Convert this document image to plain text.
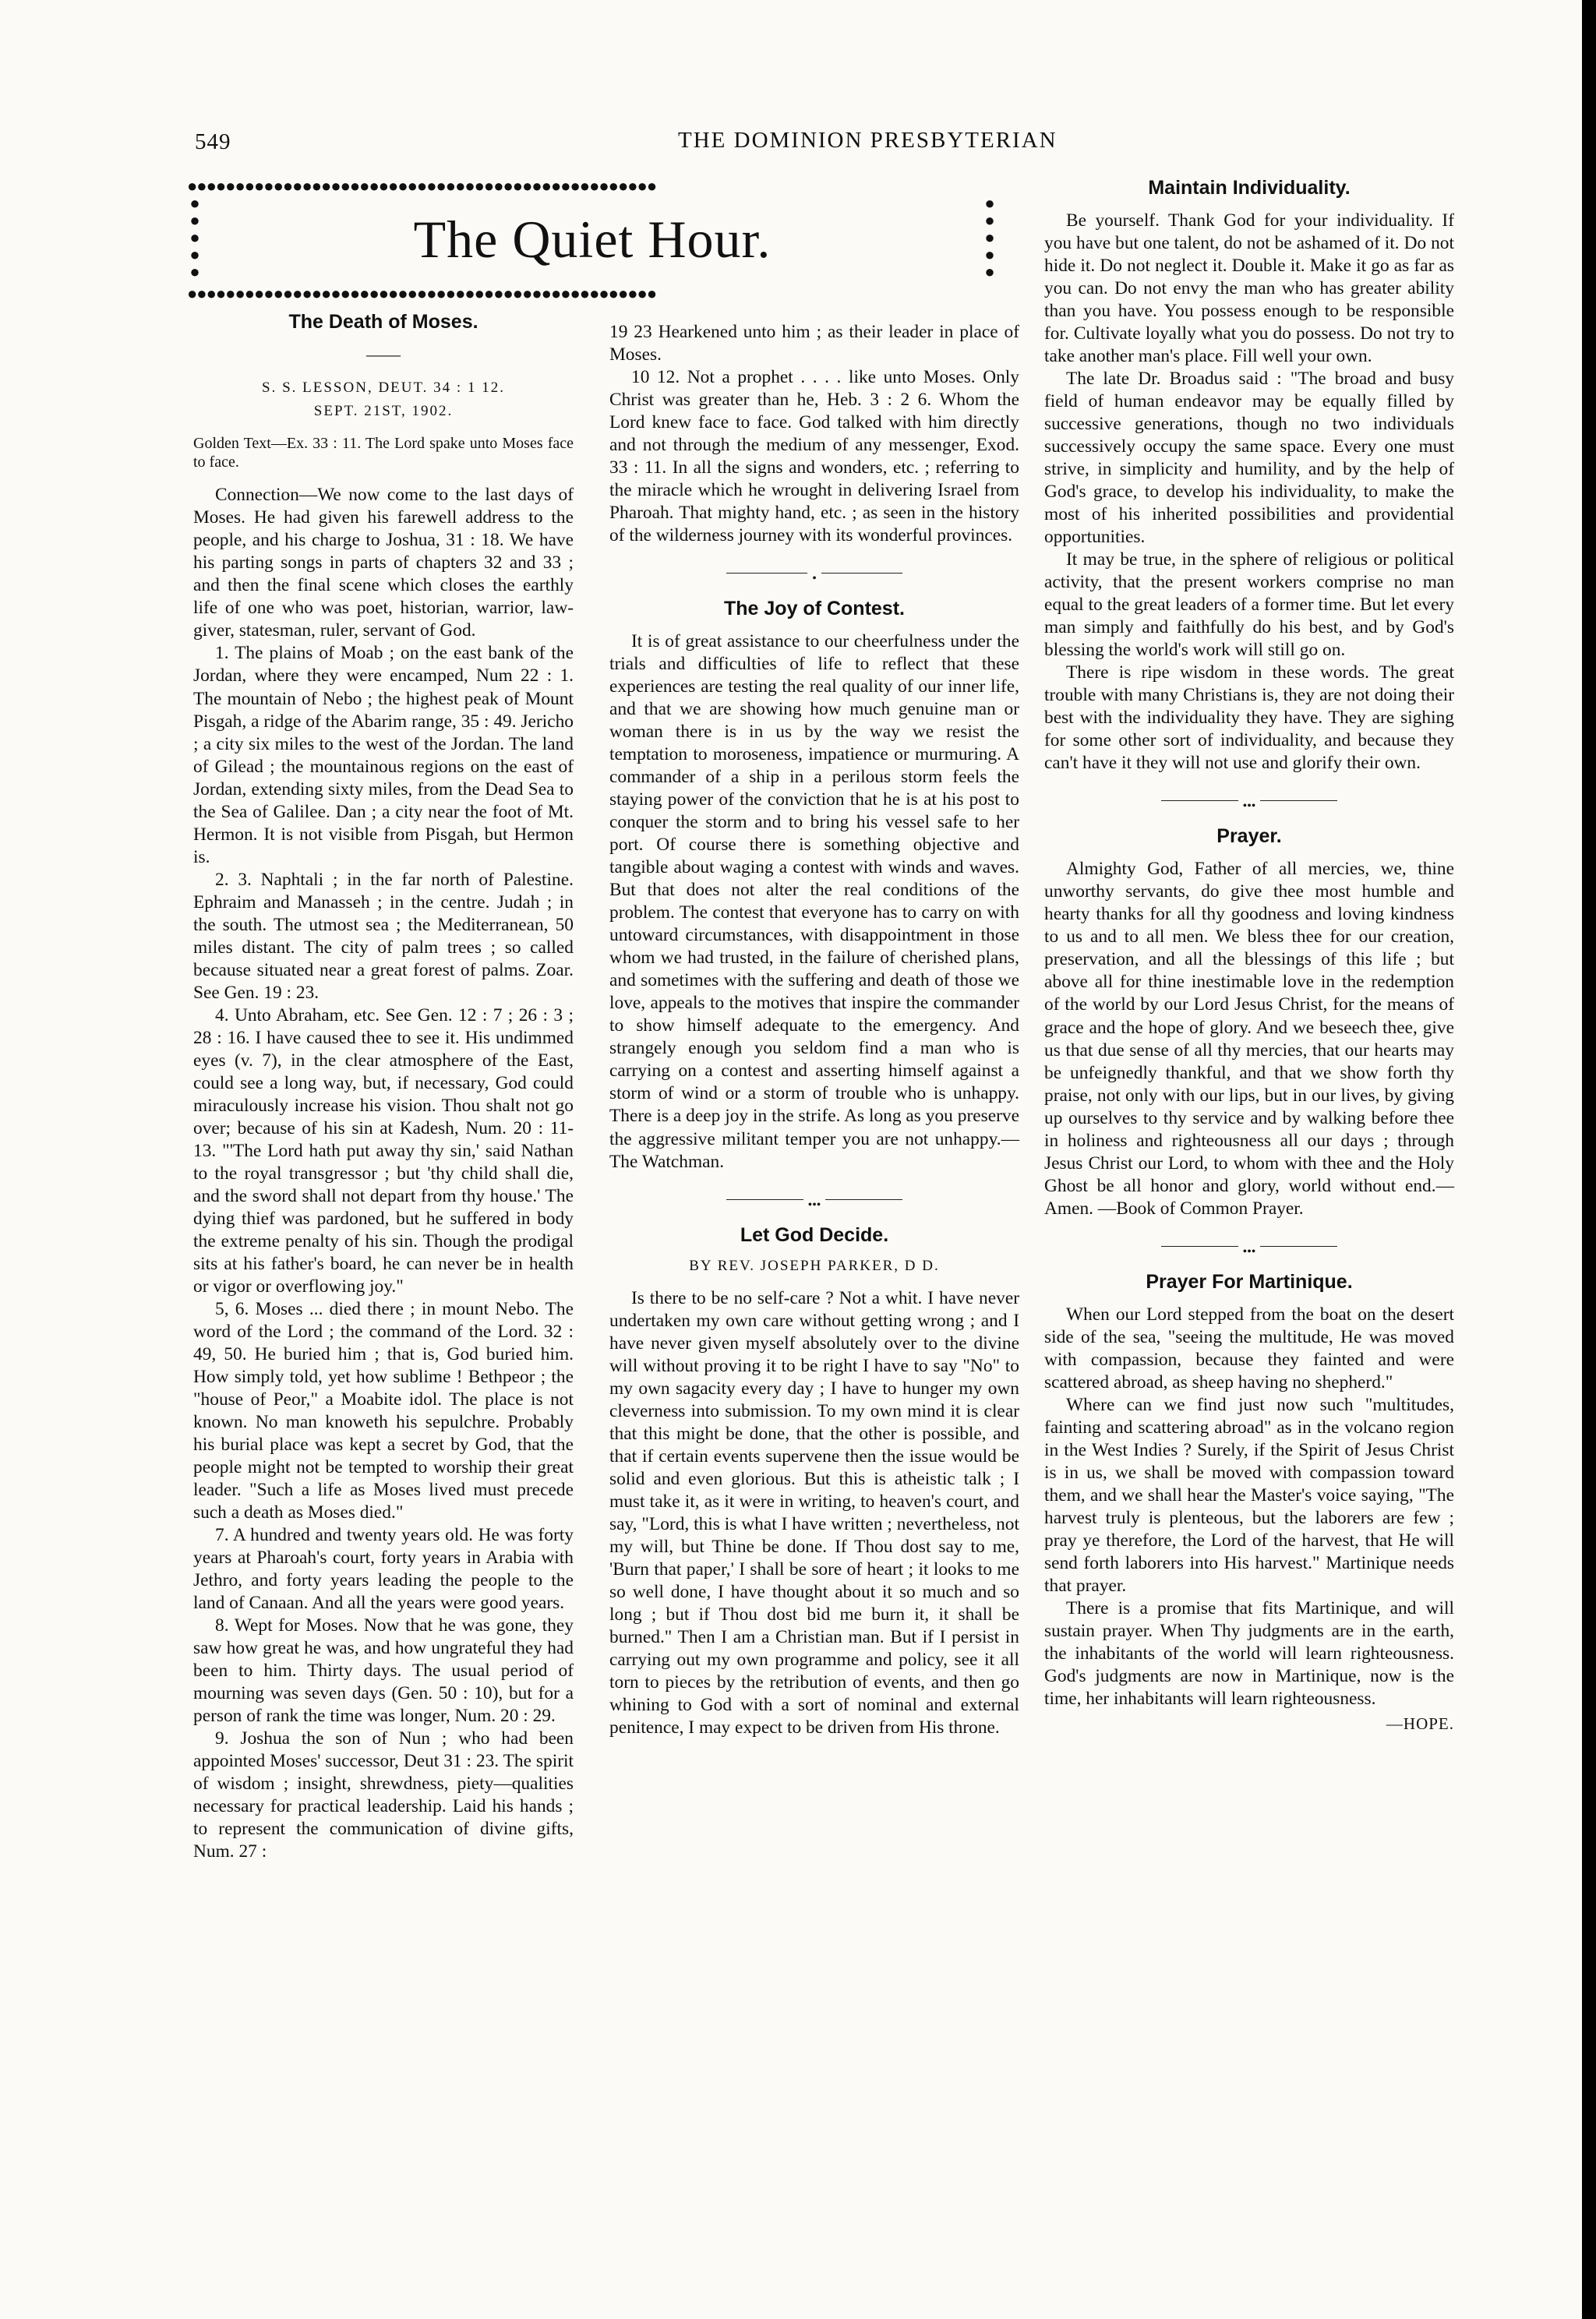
549	THE DOMINION PRESBYTERIAN
●●●●●●●●●●●●●●●●●●●●●●●●●●●●●●●●●●●●●●●●●●●●●●●●●
●
●
●
●
●
●
●
●
●
●
The Quiet Hour.
●●●●●●●●●●●●●●●●●●●●●●●●●●●●●●●●●●●●●●●●●●●●●●●●●
The Death of Moses.
——
S. S. LESSON, DEUT. 34 : 1 12.
SEPT. 21ST, 1902.
Golden Text—Ex. 33 : 11. The Lord spake unto Moses face to face.

Connection—We now come to the last days of Moses. He had given his farewell address to the people, and his charge to Joshua, 31 : 18. We have his parting songs in parts of chapters 32 and 33 ; and then the final scene which closes the earthly life of one who was poet, historian, warrior, law-giver, statesman, ruler, servant of God.

1. The plains of Moab ; on the east bank of the Jordan, where they were encamped, Num 22 : 1. The mountain of Nebo ; the highest peak of Mount Pisgah, a ridge of the Abarim range, 35 : 49. Jericho ; a city six miles to the west of the Jordan. The land of Gilead ; the mountainous regions on the east of Jordan, extending sixty miles, from the Dead Sea to the Sea of Galilee. Dan ; a city near the foot of Mt. Hermon. It is not visible from Pisgah, but Hermon is.

2. 3. Naphtali ; in the far north of Palestine. Ephraim and Manasseh ; in the centre. Judah ; in the south. The utmost sea ; the Mediterranean, 50 miles distant. The city of palm trees ; so called because situated near a great forest of palms. Zoar. See Gen. 19 : 23.

4. Unto Abraham, etc. See Gen. 12 : 7 ; 26 : 3 ; 28 : 16. I have caused thee to see it. His undimmed eyes (v. 7), in the clear atmosphere of the East, could see a long way, but, if necessary, God could miraculously increase his vision. Thou shalt not go over; because of his sin at Kadesh, Num. 20 : 11-13. "'The Lord hath put away thy sin,' said Nathan to the royal transgressor ; but 'thy child shall die, and the sword shall not depart from thy house.' The dying thief was pardoned, but he suffered in body the extreme penalty of his sin. Though the prodigal sits at his father's board, he can never be in health or vigor or overflowing joy."

5, 6. Moses ... died there ; in mount Nebo. The word of the Lord ; the command of the Lord. 32 : 49, 50. He buried him ; that is, God buried him. How simply told, yet how sublime ! Bethpeor ; the "house of Peor," a Moabite idol. The place is not known. No man knoweth his sepulchre. Probably his burial place was kept a secret by God, that the people might not be tempted to worship their great leader. "Such a life as Moses lived must precede such a death as Moses died."

7. A hundred and twenty years old. He was forty years at Pharoah's court, forty years in Arabia with Jethro, and forty years leading the people to the land of Canaan. And all the years were good years.

8. Wept for Moses. Now that he was gone, they saw how great he was, and how ungrateful they had been to him. Thirty days. The usual period of mourning was seven days (Gen. 50 : 10), but for a person of rank the time was longer, Num. 20 : 29.

9. Joshua the son of Nun ; who had been appointed Moses' successor, Deut 31 : 23. The spirit of wisdom ; insight, shrewdness, piety—qualities necessary for practical leadership. Laid his hands ; to represent the communication of divine gifts, Num. 27 :

19 23 Hearkened unto him ; as their leader in place of Moses.

10 12. Not a prophet . . . . like unto Moses. Only Christ was greater than he, Heb. 3 : 2 6. Whom the Lord knew face to face. God talked with him directly and not through the medium of any messenger, Exod. 33 : 11. In all the signs and wonders, etc. ; referring to the miracle which he wrought in delivering Israel from Pharoah. That mighty hand, etc. ; as seen in the history of the wilderness journey with its wonderful provinces.

•
The Joy of Contest.

It is of great assistance to our cheerfulness under the trials and difficulties of life to reflect that these experiences are testing the real quality of our inner life, and that we are showing how much genuine man or woman there is in us by the way we resist the temptation to moroseness, impatience or murmuring. A commander of a ship in a perilous storm feels the staying power of the conviction that he is at his post to conquer the storm and to bring his vessel safe to her port. Of course there is something objective and tangible about waging a contest with winds and waves. But that does not alter the real conditions of the problem. The contest that everyone has to carry on with untoward circumstances, with disappointment in those whom we had trusted, in the failure of cherished plans, and sometimes with the suffering and death of those we love, appeals to the motives that inspire the commander to show himself adequate to the emergency. And strangely enough you seldom find a man who is carrying on a contest and asserting himself against a storm of wind or a storm of trouble who is unhappy. There is a deep joy in the strife. As long as you preserve the aggressive militant temper you are not unhappy.—The Watchman.

•••
Let God Decide.
BY REV. JOSEPH PARKER, D D.

Is there to be no self-care ? Not a whit. I have never undertaken my own care without getting wrong ; and I have never given myself absolutely over to the divine will without proving it to be right I have to say "No" to my own sagacity every day ; I have to hunger my own cleverness into submission. To my own mind it is clear that this might be done, that the other is possible, and that if certain events supervene then the issue would be solid and even glorious. But this is atheistic talk ; I must take it, as it were in writing, to heaven's court, and say, "Lord, this is what I have written ; nevertheless, not my will, but Thine be done. If Thou dost say to me, 'Burn that paper,' I shall be sore of heart ; it looks to me so well done, I have thought about it so much and so long ; but if Thou dost bid me burn it, it shall be burned." Then I am a Christian man. But if I persist in carrying out my own programme and policy, see it all torn to pieces by the retribution of events, and then go whining to God with a sort of nominal and external penitence, I may expect to be driven from His throne.

Maintain Individuality.

Be yourself. Thank God for your individuality. If you have but one talent, do not be ashamed of it. Do not hide it. Do not neglect it. Double it. Make it go as far as you can. Do not envy the man who has greater ability than you have. You possess enough to be responsible for. Cultivate loyally what you do possess. Do not try to take another man's place. Fill well your own.

The late Dr. Broadus said : "The broad and busy field of human endeavor may be equally filled by successive generations, though no two individuals successively occupy the same space. Every one must strive, in simplicity and humility, and by the help of God's grace, to develop his individuality, to make the most of his inherited possibilities and providential opportunities.

It may be true, in the sphere of religious or political activity, that the present workers comprise no man equal to the great leaders of a former time. But let every man simply and faithfully do his best, and by God's blessing the world's work will still go on.

There is ripe wisdom in these words. The great trouble with many Christians is, they are not doing their best with the individuality they have. They are sighing for some other sort of individuality, and because they can't have it they will not use and glorify their own.

•••
Prayer.

Almighty God, Father of all mercies, we, thine unworthy servants, do give thee most humble and hearty thanks for all thy goodness and loving kindness to us and to all men. We bless thee for our creation, preservation, and all the blessings of this life ; but above all for thine inestimable love in the redemption of the world by our Lord Jesus Christ, for the means of grace and the hope of glory. And we beseech thee, give us that due sense of all thy mercies, that our hearts may be unfeignedly thankful, and that we show forth thy praise, not only with our lips, but in our lives, by giving up ourselves to thy service and by walking before thee in holiness and righteousness all our days ; through Jesus Christ our Lord, to whom with thee and the Holy Ghost be all honor and glory, world without end.—Amen. —Book of Common Prayer.

•••
Prayer For Martinique.

When our Lord stepped from the boat on the desert side of the sea, "seeing the multitude, He was moved with compassion, because they fainted and were scattered abroad, as sheep having no shepherd."

Where can we find just now such "multitudes, fainting and scattering abroad" as in the volcano region in the West Indies ? Surely, if the Spirit of Jesus Christ is in us, we shall be moved with compassion toward them, and we shall hear the Master's voice saying, "The harvest truly is plenteous, but the laborers are few ; pray ye therefore, the Lord of the harvest, that He will send forth laborers into His harvest." Martinique needs that prayer.

There is a promise that fits Martinique, and will sustain prayer. When Thy judgments are in the earth, the inhabitants of the world will learn righteousness. God's judgments are now in Martinique, now is the time, her inhabitants will learn righteousness.

—HOPE.
